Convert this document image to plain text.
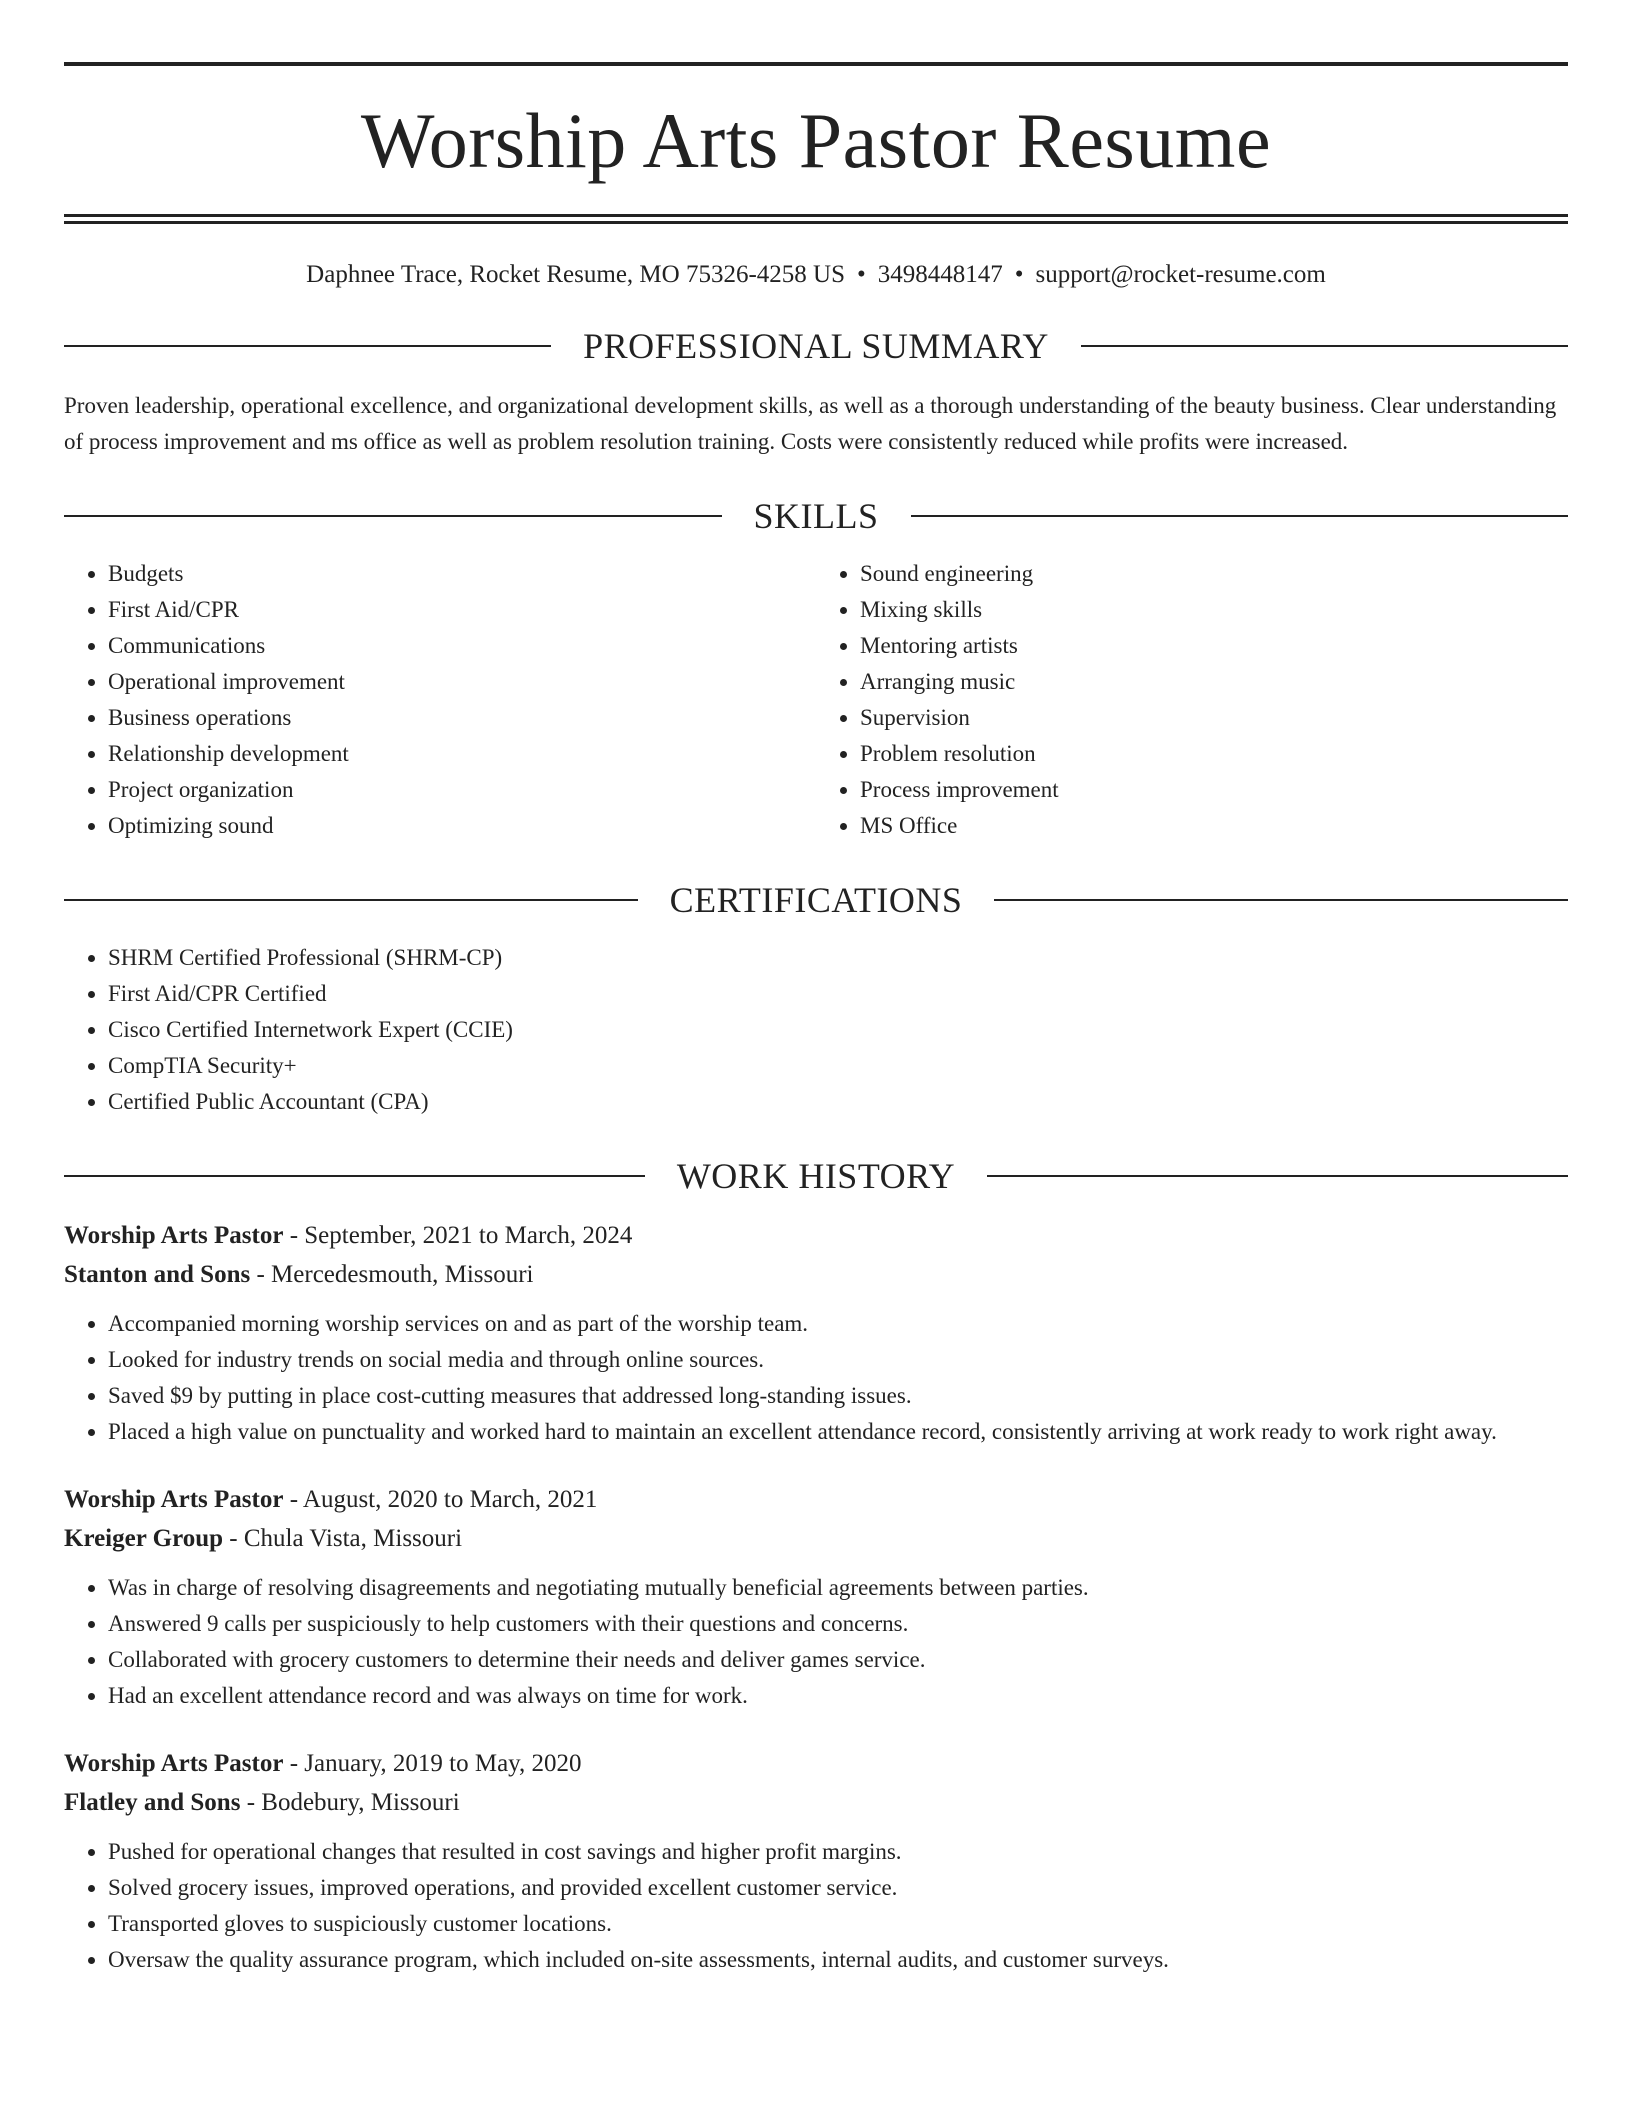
Worship Arts Pastor Resume
Daphnee Trace, Rocket Resume, MO 75326-4258 US • 3498448147 • support@rocket-resume.com
PROFESSIONAL SUMMARY

Proven leadership, operational excellence, and organizational development skills, as well as a thorough understanding of the beauty business. Clear understanding of process improvement and ms office as well as problem resolution training. Costs were consistently reduced while profits were increased.

SKILLS
• Budgets
• First Aid/CPR
• Communications
• Operational improvement
• Business operations
• Relationship development
• Project organization
• Optimizing sound
• Sound engineering
• Mixing skills
• Mentoring artists
• Arranging music
• Supervision
• Problem resolution
• Process improvement
• MS Office
CERTIFICATIONS
• SHRM Certified Professional (SHRM-CP)
• First Aid/CPR Certified
• Cisco Certified Internetwork Expert (CCIE)
• CompTIA Security+
• Certified Public Accountant (CPA)
WORK HISTORY
Worship Arts Pastor - September, 2021 to March, 2024
Stanton and Sons - Mercedesmouth, Missouri
• Accompanied morning worship services on and as part of the worship team.
• Looked for industry trends on social media and through online sources.
• Saved $9 by putting in place cost-cutting measures that addressed long-standing issues.
• Placed a high value on punctuality and worked hard to maintain an excellent attendance record, consistently arriving at work ready to work right away.
Worship Arts Pastor - August, 2020 to March, 2021
Kreiger Group - Chula Vista, Missouri
• Was in charge of resolving disagreements and negotiating mutually beneficial agreements between parties.
• Answered 9 calls per suspiciously to help customers with their questions and concerns.
• Collaborated with grocery customers to determine their needs and deliver games service.
• Had an excellent attendance record and was always on time for work.
Worship Arts Pastor - January, 2019 to May, 2020
Flatley and Sons - Bodebury, Missouri
• Pushed for operational changes that resulted in cost savings and higher profit margins.
• Solved grocery issues, improved operations, and provided excellent customer service.
• Transported gloves to suspiciously customer locations.
• Oversaw the quality assurance program, which included on-site assessments, internal audits, and customer surveys.
